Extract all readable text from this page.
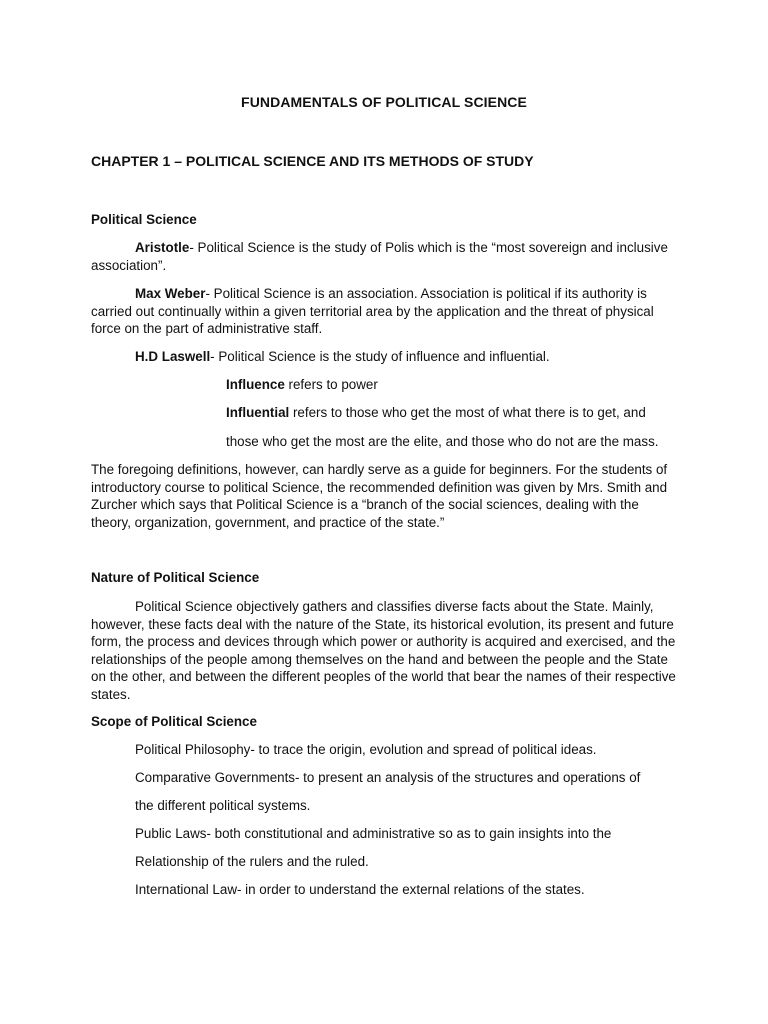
FUNDAMENTALS OF POLITICAL SCIENCE
CHAPTER 1 – POLITICAL SCIENCE AND ITS METHODS OF STUDY
Political Science

Aristotle- Political Science is the study of Polis which is the “most sovereign and inclusive association”.

Max Weber- Political Science is an association. Association is political if its authority is carried out continually within a given territorial area by the application and the threat of physical force on the part of administrative staff.

H.D Laswell- Political Science is the study of influence and influential.

Influence refers to power
Influential refers to those who get the most of what there is to get, and
those who get the most are the elite, and those who do not are the mass.

The foregoing definitions, however, can hardly serve as a guide for beginners. For the students of introductory course to political Science, the recommended definition was given by Mrs. Smith and Zurcher which says that Political Science is a “branch of the social sciences, dealing with the theory, organization, government, and practice of the state.”

Nature of Political Science

Political Science objectively gathers and classifies diverse facts about the State. Mainly, however, these facts deal with the nature of the State, its historical evolution, its present and future form, the process and devices through which power or authority is acquired and exercised, and the relationships of the people among themselves on the hand and between the people and the State on the other, and between the different peoples of the world that bear the names of their respective states.

Scope of Political Science
Political Philosophy- to trace the origin, evolution and spread of political ideas.
Comparative Governments- to present an analysis of the structures and operations of
the different political systems.
Public Laws- both constitutional and administrative so as to gain insights into the
Relationship of the rulers and the ruled.
International Law- in order to understand the external relations of the states.
